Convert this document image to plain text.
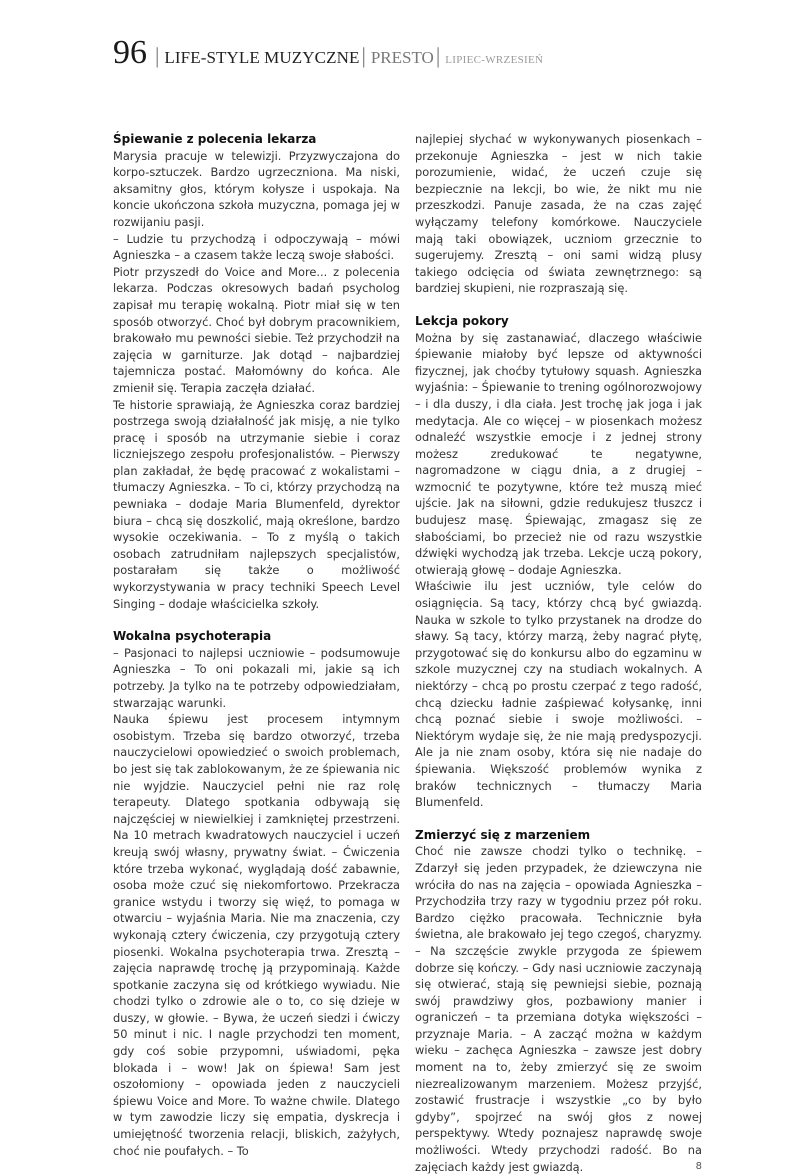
96 | LIFE-STYLE MUZYCZNE | PRESTO | LIPIEC-WRZESIEŃ
Śpiewanie z polecenia lekarza

Marysia pracuje w telewizji. Przyzwyczajona do korpo-sztuczek. Bardzo ugrzeczniona. Ma niski, aksamitny głos, którym kołysze i uspokaja. Na koncie ukończona szkoła muzyczna, pomaga jej w rozwijaniu pasji.

– Ludzie tu przychodzą i odpoczywają – mówi Agnieszka – a czasem także leczą swoje słabości.

Piotr przyszedł do Voice and More... z polecenia lekarza. Podczas okresowych badań psycholog zapisał mu terapię wokalną. Piotr miał się w ten sposób otworzyć. Choć był dobrym pracownikiem, brakowało mu pewności siebie. Też przychodził na zajęcia w garniturze. Jak dotąd – najbardziej tajemnicza postać. Małomówny do końca. Ale zmienił się. Terapia zaczęła działać.

Te historie sprawiają, że Agnieszka coraz bardziej postrzega swoją działalność jak misję, a nie tylko pracę i sposób na utrzymanie siebie i coraz liczniejszego zespołu profesjonalistów. – Pierwszy plan zakładał, że będę pracować z wokalistami – tłumaczy Agnieszka. – To ci, którzy przychodzą na pewniaka – dodaje Maria Blumenfeld, dyrektor biura – chcą się doszkolić, mają określone, bardzo wysokie oczekiwania. – To z myślą o takich osobach zatrudniłam najlepszych specjalistów, postarałam się także o możliwość wykorzystywania w pracy techniki Speech Level Singing – dodaje właścicielka szkoły.

Wokalna psychoterapia

– Pasjonaci to najlepsi uczniowie – podsumowuje Agnieszka – To oni pokazali mi, jakie są ich potrzeby. Ja tylko na te potrzeby odpowiedziałam, stwarzając warunki.

Nauka śpiewu jest procesem intymnym osobistym. Trzeba się bardzo otworzyć, trzeba nauczycielowi opowiedzieć o swoich problemach, bo jest się tak zablokowanym, że ze śpiewania nic nie wyjdzie. Nauczyciel pełni nie raz rolę terapeuty. Dlatego spotkania odbywają się najczęściej w niewielkiej i zamkniętej przestrzeni. Na 10 metrach kwadratowych nauczyciel i uczeń kreują swój własny, prywatny świat. – Ćwiczenia które trzeba wykonać, wyglądają dość zabawnie, osoba może czuć się niekomfortowo. Przekracza granice wstydu i tworzy się więź, to pomaga w otwarciu – wyjaśnia Maria. Nie ma znaczenia, czy wykonają cztery ćwiczenia, czy przygotują cztery piosenki. Wokalna psychoterapia trwa. Zresztą – zajęcia naprawdę trochę ją przypominają. Każde spotkanie zaczyna się od krótkiego wywiadu. Nie chodzi tylko o zdrowie ale o to, co się dzieje w duszy, w głowie. – Bywa, że uczeń siedzi i ćwiczy 50 minut i nic. I nagle przychodzi ten moment, gdy coś sobie przypomni, uświadomi, pęka blokada i – wow! Jak on śpiewa! Sam jest oszołomiony – opowiada jeden z nauczycieli śpiewu Voice and More. To ważne chwile. Dlatego w tym zawodzie liczy się empatia, dyskrecja i umiejętność tworzenia relacji, bliskich, zażyłych, choć nie poufałych. – To

najlepiej słychać w wykonywanych piosenkach – przekonuje Agnieszka – jest w nich takie porozumienie, widać, że uczeń czuje się bezpiecznie na lekcji, bo wie, że nikt mu nie przeszkodzi. Panuje zasada, że na czas zajęć wyłączamy telefony komórkowe. Nauczyciele mają taki obowiązek, uczniom grzecznie to sugerujemy. Zresztą – oni sami widzą plusy takiego odcięcia od świata zewnętrznego: są bardziej skupieni, nie rozpraszają się.

Lekcja pokory

Można by się zastanawiać, dlaczego właściwie śpiewanie miałoby być lepsze od aktywności fizycznej, jak choćby tytułowy squash. Agnieszka wyjaśnia: – Śpiewanie to trening ogólnorozwojowy – i dla duszy, i dla ciała. Jest trochę jak joga i jak medytacja. Ale co więcej – w piosenkach możesz odnaleźć wszystkie emocje i z jednej strony możesz zredukować te negatywne, nagromadzone w ciągu dnia, a z drugiej – wzmocnić te pozytywne, które też muszą mieć ujście. Jak na siłowni, gdzie redukujesz tłuszcz i budujesz masę. Śpiewając, zmagasz się ze słabościami, bo przecież nie od razu wszystkie dźwięki wychodzą jak trzeba. Lekcje uczą pokory, otwierają głowę – dodaje Agnieszka.

Właściwie ilu jest uczniów, tyle celów do osiągnięcia. Są tacy, którzy chcą być gwiazdą. Nauka w szkole to tylko przystanek na drodze do sławy. Są tacy, którzy marzą, żeby nagrać płytę, przygotować się do konkursu albo do egzaminu w szkole muzycznej czy na studiach wokalnych. A niektórzy – chcą po prostu czerpać z tego radość, chcą dziecku ładnie zaśpiewać kołysankę, inni chcą poznać siebie i swoje możliwości. – Niektórym wydaje się, że nie mają predyspozycji. Ale ja nie znam osoby, która się nie nadaje do śpiewania. Większość problemów wynika z braków technicznych – tłumaczy Maria Blumenfeld.

Zmierzyć się z marzeniem

Choć nie zawsze chodzi tylko o technikę. – Zdarzył się jeden przypadek, że dziewczyna nie wróciła do nas na zajęcia – opowiada Agnieszka – Przychodziła trzy razy w tygodniu przez pół roku. Bardzo ciężko pracowała. Technicznie była świetna, ale brakowało jej tego czegoś, charyzmy. – Na szczęście zwykle przygoda ze śpiewem dobrze się kończy. – Gdy nasi uczniowie zaczynają się otwierać, stają się pewniejsi siebie, poznają swój prawdziwy głos, pozbawiony manier i ograniczeń – ta przemiana dotyka większości – przyznaje Maria. – A zacząć można w każdym wieku – zachęca Agnieszka – zawsze jest dobry moment na to, żeby zmierzyć się ze swoim niezrealizowanym marzeniem. Możesz przyjść, zostawić frustracje i wszystkie „co by było gdyby”, spojrzeć na swój głos z nowej perspektywy. Wtedy poznajesz naprawdę swoje możliwości. Wtedy przychodzi radość. Bo na zajęciach każdy jest gwiazdą.	8
